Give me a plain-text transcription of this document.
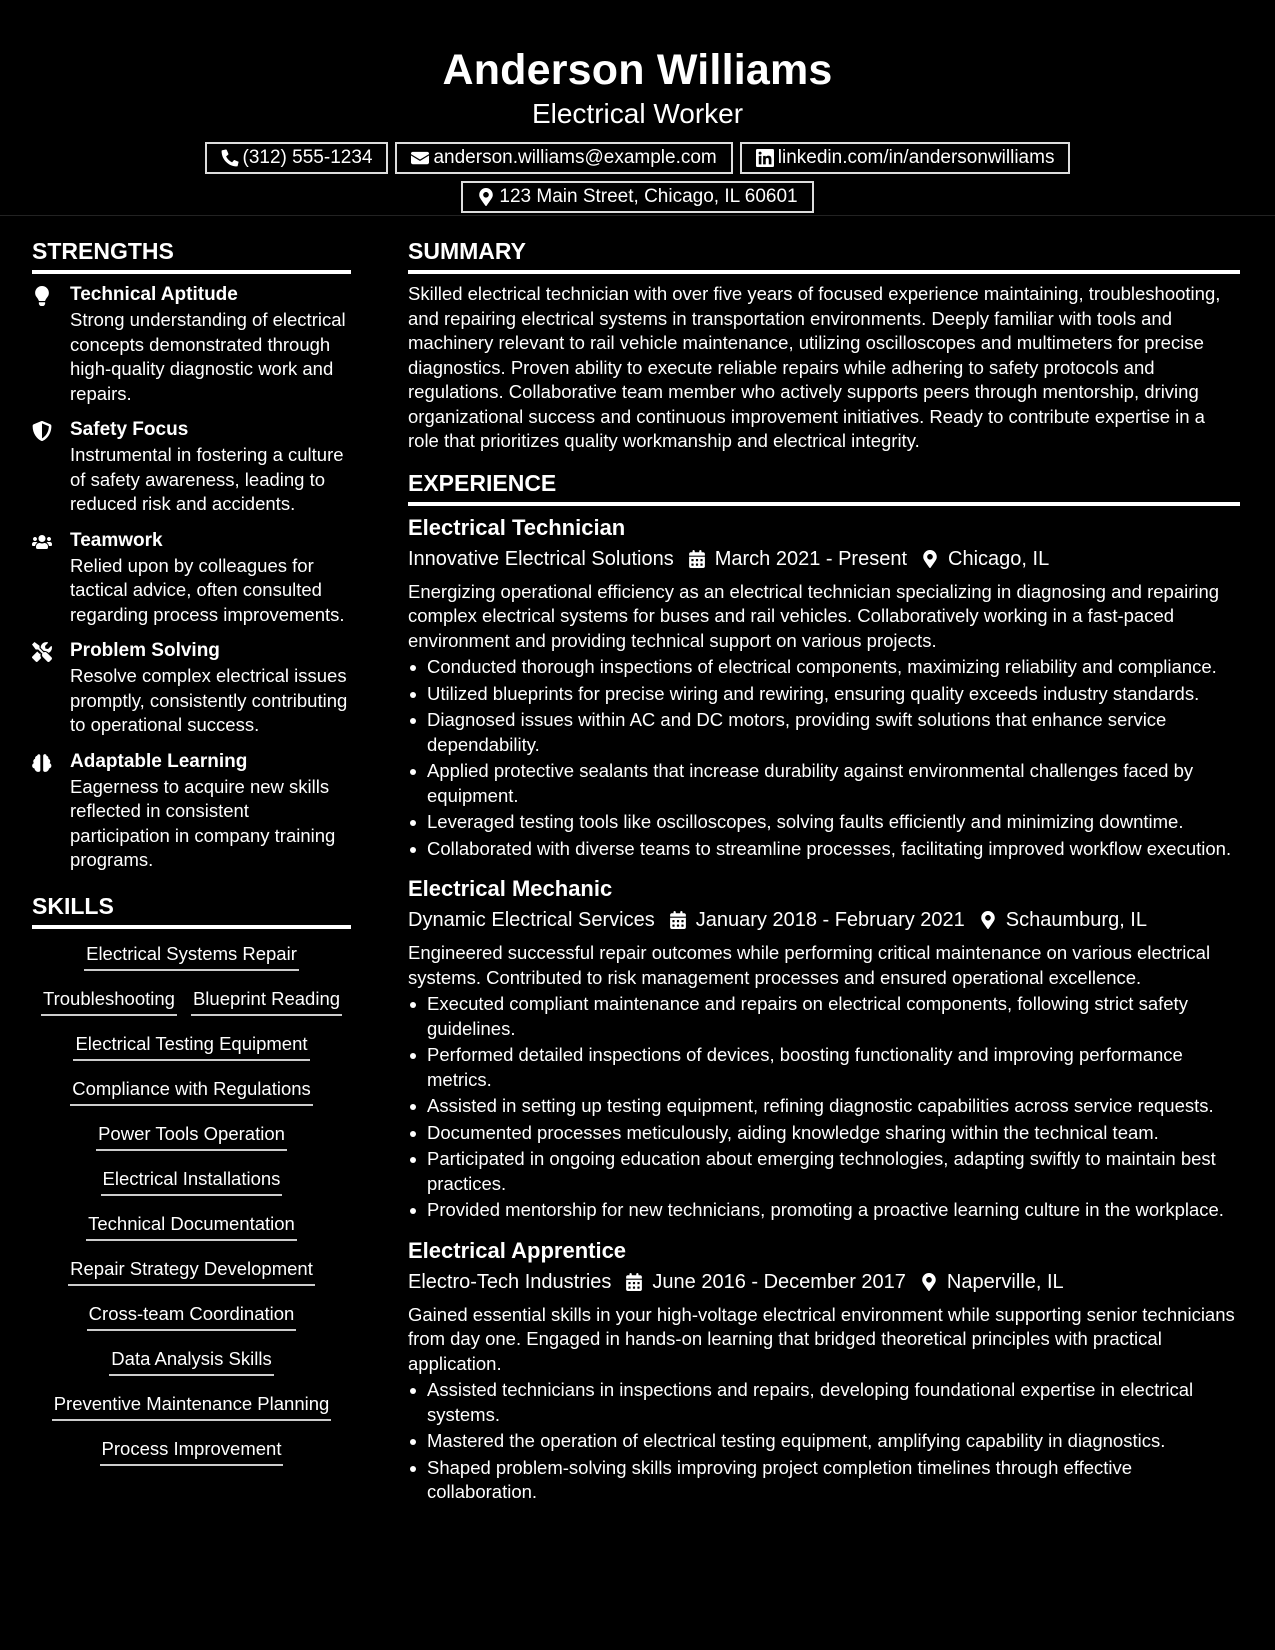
Anderson Williams
Electrical Worker
(312) 555-1234	anderson.williams@example.com	linkedin.com/in/andersonwilliams
123 Main Street, Chicago, IL 60601
STRENGTHS
Technical Aptitude
Strong understanding of electrical concepts demonstrated through high-quality diagnostic work and repairs.
Safety Focus
Instrumental in fostering a culture of safety awareness, leading to reduced risk and accidents.
Teamwork
Relied upon by colleagues for tactical advice, often consulted regarding process improvements.
Problem Solving
Resolve complex electrical issues promptly, consistently contributing to operational success.
Adaptable Learning
Eagerness to acquire new skills reflected in consistent participation in company training programs.
SKILLS
Electrical Systems Repair
Troubleshooting Blueprint Reading
Electrical Testing Equipment
Compliance with Regulations
Power Tools Operation
Electrical Installations
Technical Documentation
Repair Strategy Development
Cross-team Coordination
Data Analysis Skills
Preventive Maintenance Planning
Process Improvement
SUMMARY
Skilled electrical technician with over five years of focused experience maintaining, troubleshooting, and repairing electrical systems in transportation environments. Deeply familiar with tools and machinery relevant to rail vehicle maintenance, utilizing oscilloscopes and multimeters for precise diagnostics. Proven ability to execute reliable repairs while adhering to safety protocols and regulations. Collaborative team member who actively supports peers through mentorship, driving organizational success and continuous improvement initiatives. Ready to contribute expertise in a role that prioritizes quality workmanship and electrical integrity.
EXPERIENCE
Electrical Technician
Innovative Electrical Solutions March 2021 - Present Chicago, IL
Energizing operational efficiency as an electrical technician specializing in diagnosing and repairing complex electrical systems for buses and rail vehicles. Collaboratively working in a fast-paced environment and providing technical support on various projects.
Conducted thorough inspections of electrical components, maximizing reliability and compliance.
Utilized blueprints for precise wiring and rewiring, ensuring quality exceeds industry standards.
Diagnosed issues within AC and DC motors, providing swift solutions that enhance service dependability.
Applied protective sealants that increase durability against environmental challenges faced by equipment.
Leveraged testing tools like oscilloscopes, solving faults efficiently and minimizing downtime.
Collaborated with diverse teams to streamline processes, facilitating improved workflow execution.
Electrical Mechanic
Dynamic Electrical Services January 2018 - February 2021 Schaumburg, IL
Engineered successful repair outcomes while performing critical maintenance on various electrical systems. Contributed to risk management processes and ensured operational excellence.
Executed compliant maintenance and repairs on electrical components, following strict safety guidelines.
Performed detailed inspections of devices, boosting functionality and improving performance metrics.
Assisted in setting up testing equipment, refining diagnostic capabilities across service requests.
Documented processes meticulously, aiding knowledge sharing within the technical team.
Participated in ongoing education about emerging technologies, adapting swiftly to maintain best practices.
Provided mentorship for new technicians, promoting a proactive learning culture in the workplace.
Electrical Apprentice
Electro-Tech Industries June 2016 - December 2017 Naperville, IL
Gained essential skills in your high-voltage electrical environment while supporting senior technicians from day one. Engaged in hands-on learning that bridged theoretical principles with practical application.
Assisted technicians in inspections and repairs, developing foundational expertise in electrical systems.
Mastered the operation of electrical testing equipment, amplifying capability in diagnostics.
Shaped problem-solving skills improving project completion timelines through effective collaboration.
